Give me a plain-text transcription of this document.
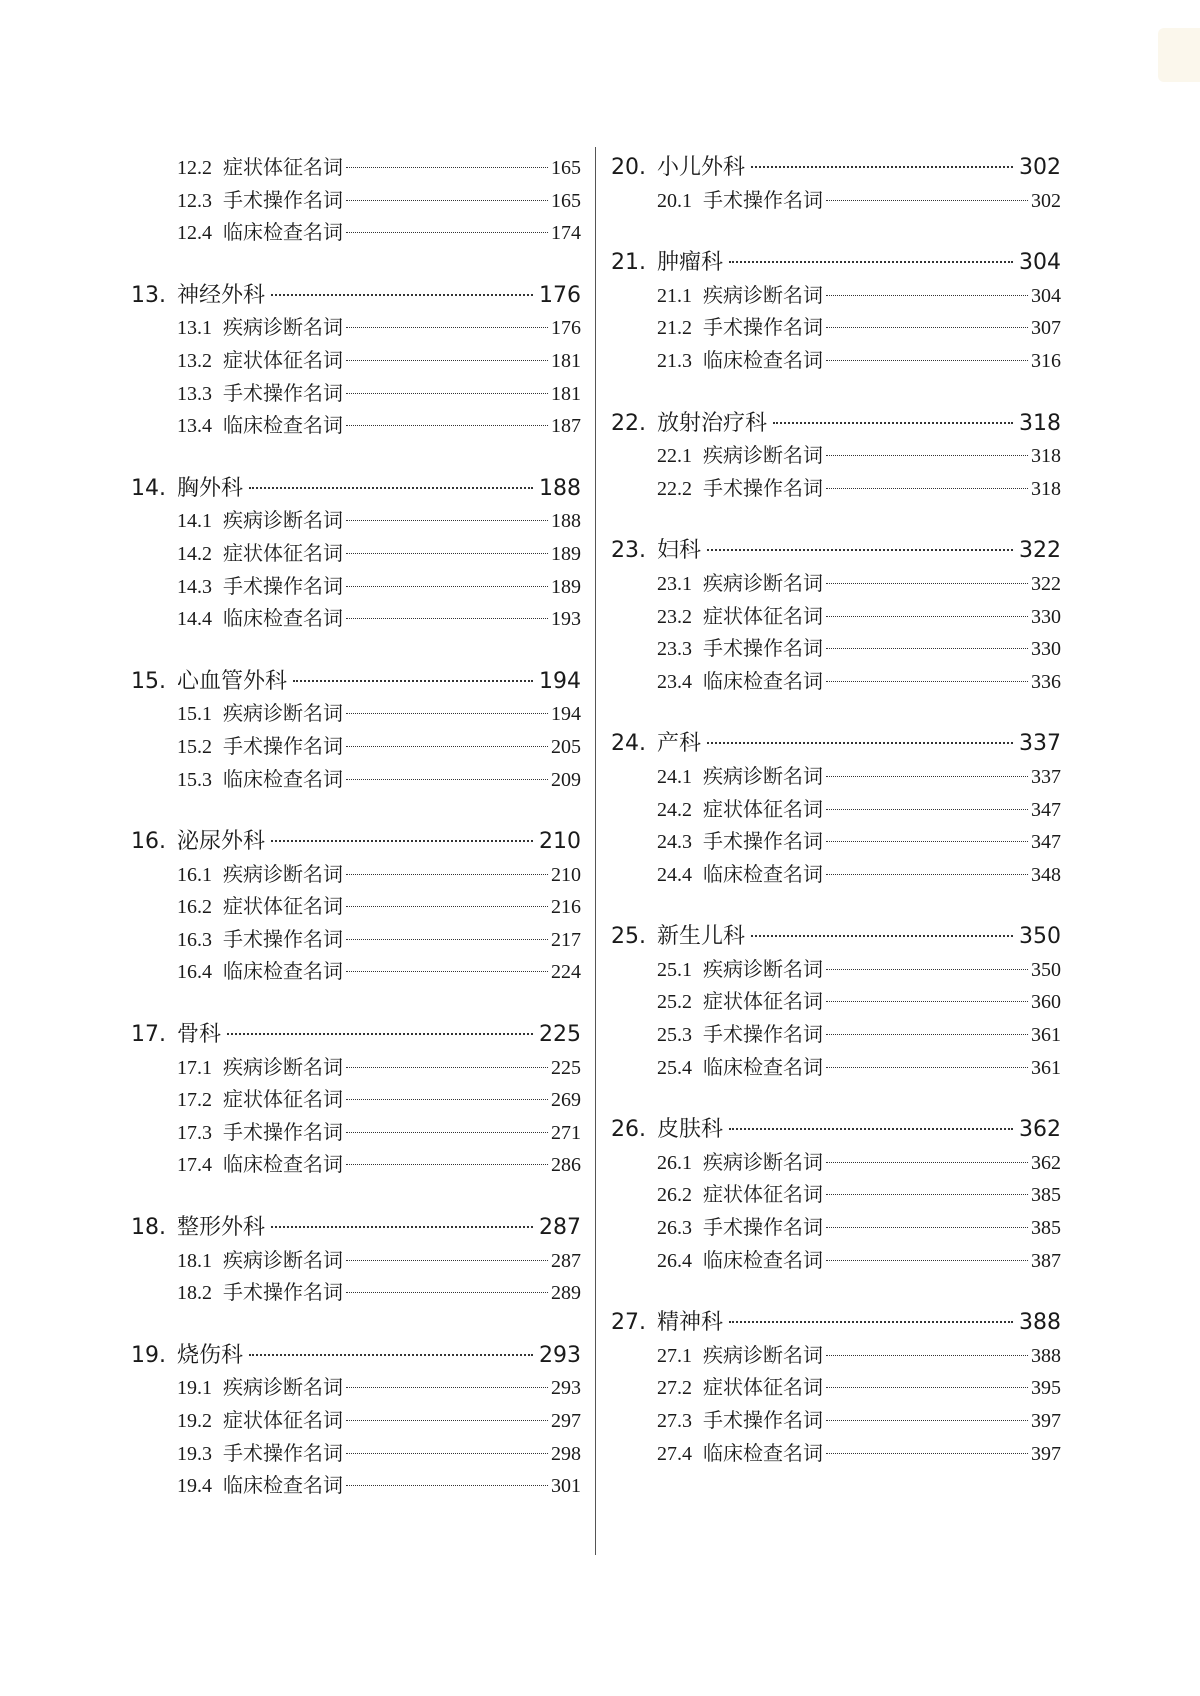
12.2 症状体征名词	165
12.3 手术操作名词	165
12.4 临床检查名词	174
13. 神经外科	176
13.1 疾病诊断名词	176
13.2 症状体征名词	181
13.3 手术操作名词	181
13.4 临床检查名词	187
14. 胸外科	188
14.1 疾病诊断名词	188
14.2 症状体征名词	189
14.3 手术操作名词	189
14.4 临床检查名词	193
15. 心血管外科	194
15.1 疾病诊断名词	194
15.2 手术操作名词	205
15.3 临床检查名词	209
16. 泌尿外科	210
16.1 疾病诊断名词	210
16.2 症状体征名词	216
16.3 手术操作名词	217
16.4 临床检查名词	224
17. 骨科	225
17.1 疾病诊断名词	225
17.2 症状体征名词	269
17.3 手术操作名词	271
17.4 临床检查名词	286
18. 整形外科	287
18.1 疾病诊断名词	287
18.2 手术操作名词	289
19. 烧伤科	293
19.1 疾病诊断名词	293
19.2 症状体征名词	297
19.3 手术操作名词	298
19.4 临床检查名词	301
20. 小儿外科	302
20.1 手术操作名词	302
21. 肿瘤科	304
21.1 疾病诊断名词	304
21.2 手术操作名词	307
21.3 临床检查名词	316
22. 放射治疗科	318
22.1 疾病诊断名词	318
22.2 手术操作名词	318
23. 妇科	322
23.1 疾病诊断名词	322
23.2 症状体征名词	330
23.3 手术操作名词	330
23.4 临床检查名词	336
24. 产科	337
24.1 疾病诊断名词	337
24.2 症状体征名词	347
24.3 手术操作名词	347
24.4 临床检查名词	348
25. 新生儿科	350
25.1 疾病诊断名词	350
25.2 症状体征名词	360
25.3 手术操作名词	361
25.4 临床检查名词	361
26. 皮肤科	362
26.1 疾病诊断名词	362
26.2 症状体征名词	385
26.3 手术操作名词	385
26.4 临床检查名词	387
27. 精神科	388
27.1 疾病诊断名词	388
27.2 症状体征名词	395
27.3 手术操作名词	397
27.4 临床检查名词	397
